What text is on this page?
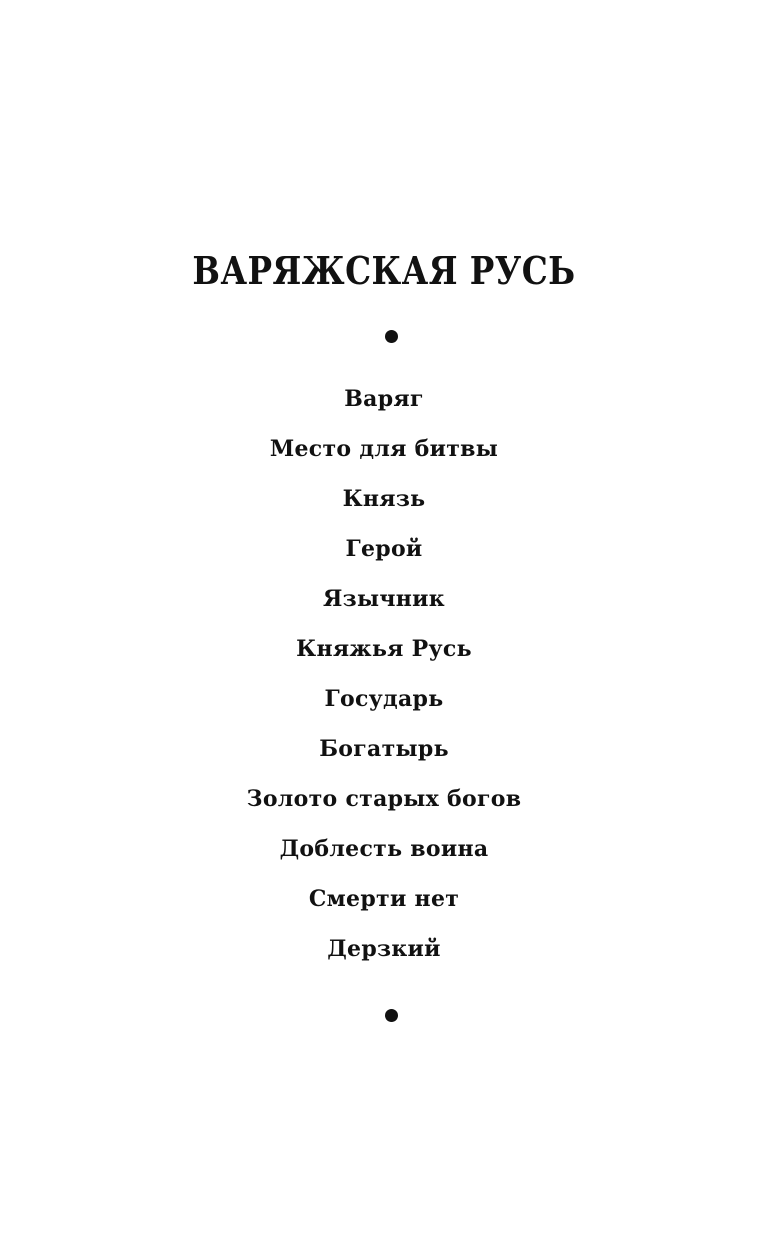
ВАРЯЖСКАЯ РУСЬ
Варяг
Место для битвы
Князь
Герой
Язычник
Княжья Русь
Государь
Богатырь
Золото старых богов
Доблесть воина
Смерти нет
Дерзкий
